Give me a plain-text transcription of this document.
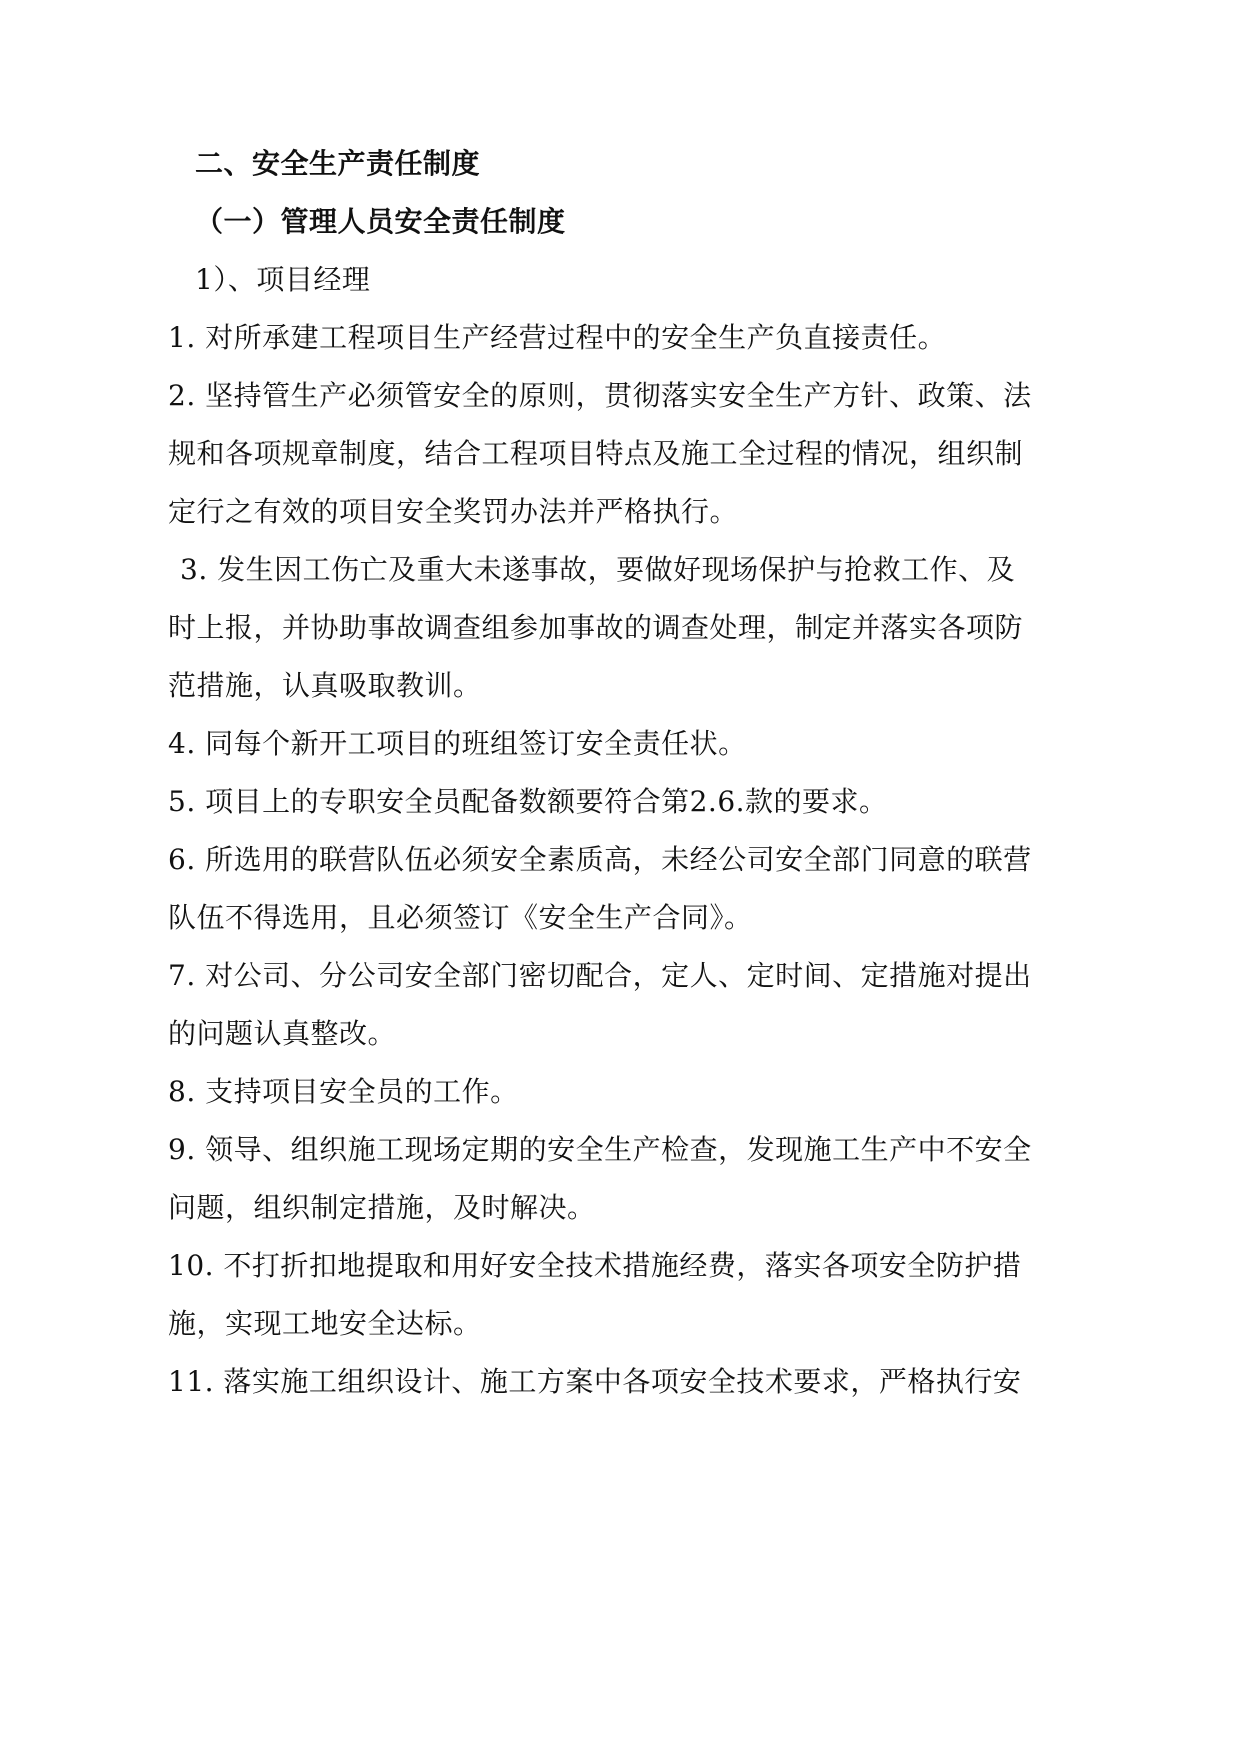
二、安全生产责任制度
（一）管理人员安全责任制度
1）、项目经理
1. 对所承建工程项目生产经营过程中的安全生产负直接责任。
2. 坚持管生产必须管安全的原则，贯彻落实安全生产方针、政策、法
规和各项规章制度，结合工程项目特点及施工全过程的情况，组织制
定行之有效的项目安全奖罚办法并严格执行。
3. 发生因工伤亡及重大未遂事故，要做好现场保护与抢救工作、及
时上报，并协助事故调查组参加事故的调查处理，制定并落实各项防
范措施，认真吸取教训。
4. 同每个新开工项目的班组签订安全责任状。
5. 项目上的专职安全员配备数额要符合第2.6.款的要求。
6. 所选用的联营队伍必须安全素质高，未经公司安全部门同意的联营
队伍不得选用，且必须签订《安全生产合同》。
7. 对公司、分公司安全部门密切配合，定人、定时间、定措施对提出
的问题认真整改。
8. 支持项目安全员的工作。
9. 领导、组织施工现场定期的安全生产检查，发现施工生产中不安全
问题，组织制定措施，及时解决。
10. 不打折扣地提取和用好安全技术措施经费，落实各项安全防护措
施，实现工地安全达标。
11. 落实施工组织设计、施工方案中各项安全技术要求，严格执行安
